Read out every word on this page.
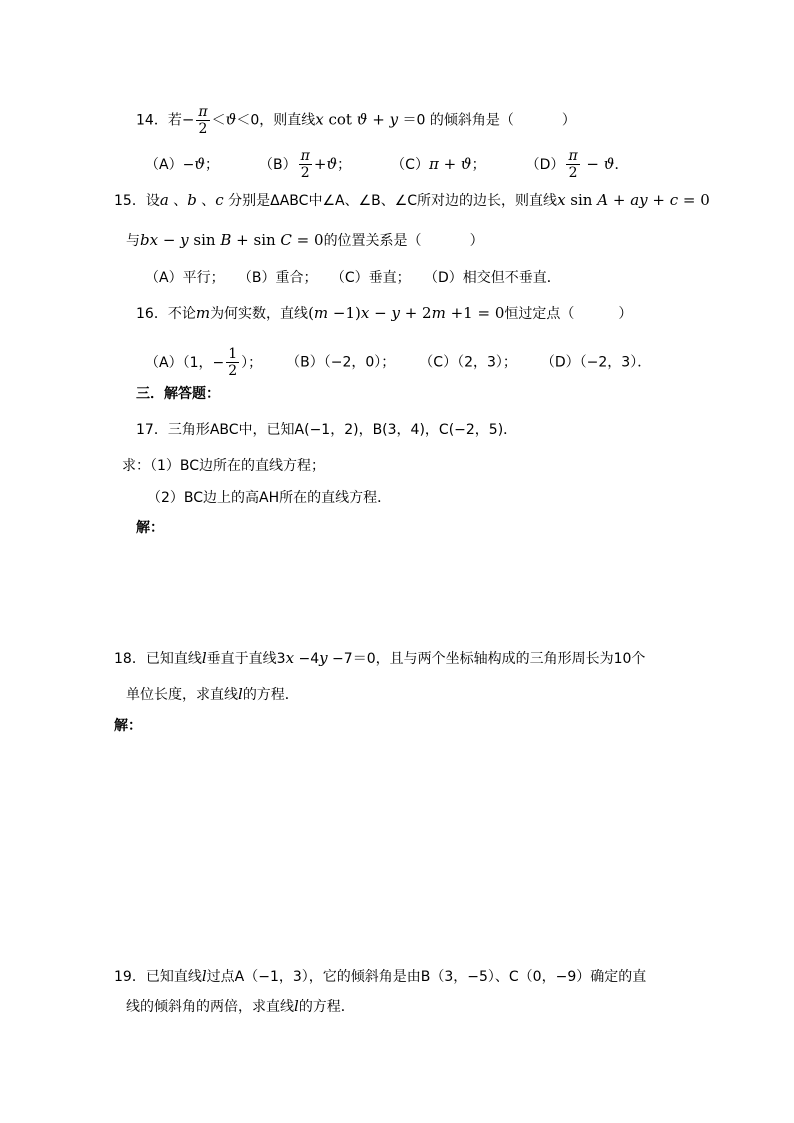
14．若− $\frac{\pi}{2} <ϑ<0$，则直线x cot ϑ + y ＝0 的倾斜角是（	）
（A）−ϑ；	$(B) \frac{\pi}{2} +ϑ$；	（C）π + ϑ；	$(D) \frac{\pi}{2} - ϑ$．
15．设a 、b 、c 分别是ΔABC中∠A、∠B、∠C所对边的边长，则直线x sin A + ay + c = 0
与bx − y sin B + sin C = 0的位置关系是（	）
（A）平行；   （B）重合；   （C）垂直；   （D）相交但不垂直．
16．不论m为何实数，直线(m −1)x − y + 2m +1 = 0恒过定点（	）
（A）（1，− $\frac{1}{2}$ ）； （B）（−2，0）； （C）（2，3）； （D）（−2，3）．
三．解答题：
17．三角形ABC中，已知A(−1，2)，B(3，4)，C(−2，5)．
求：（1）BC边所在的直线方程；
（2）BC边上的高AH所在的直线方程．
解：
18．已知直线l垂直于直线3x −4y −7＝0，且与两个坐标轴构成的三角形周长为10个
单位长度，求直线l的方程．
解：
19．已知直线l过点A（−1，3），它的倾斜角是由B（3，−5）、C（0，−9）确定的直
线的倾斜角的两倍，求直线l的方程．
